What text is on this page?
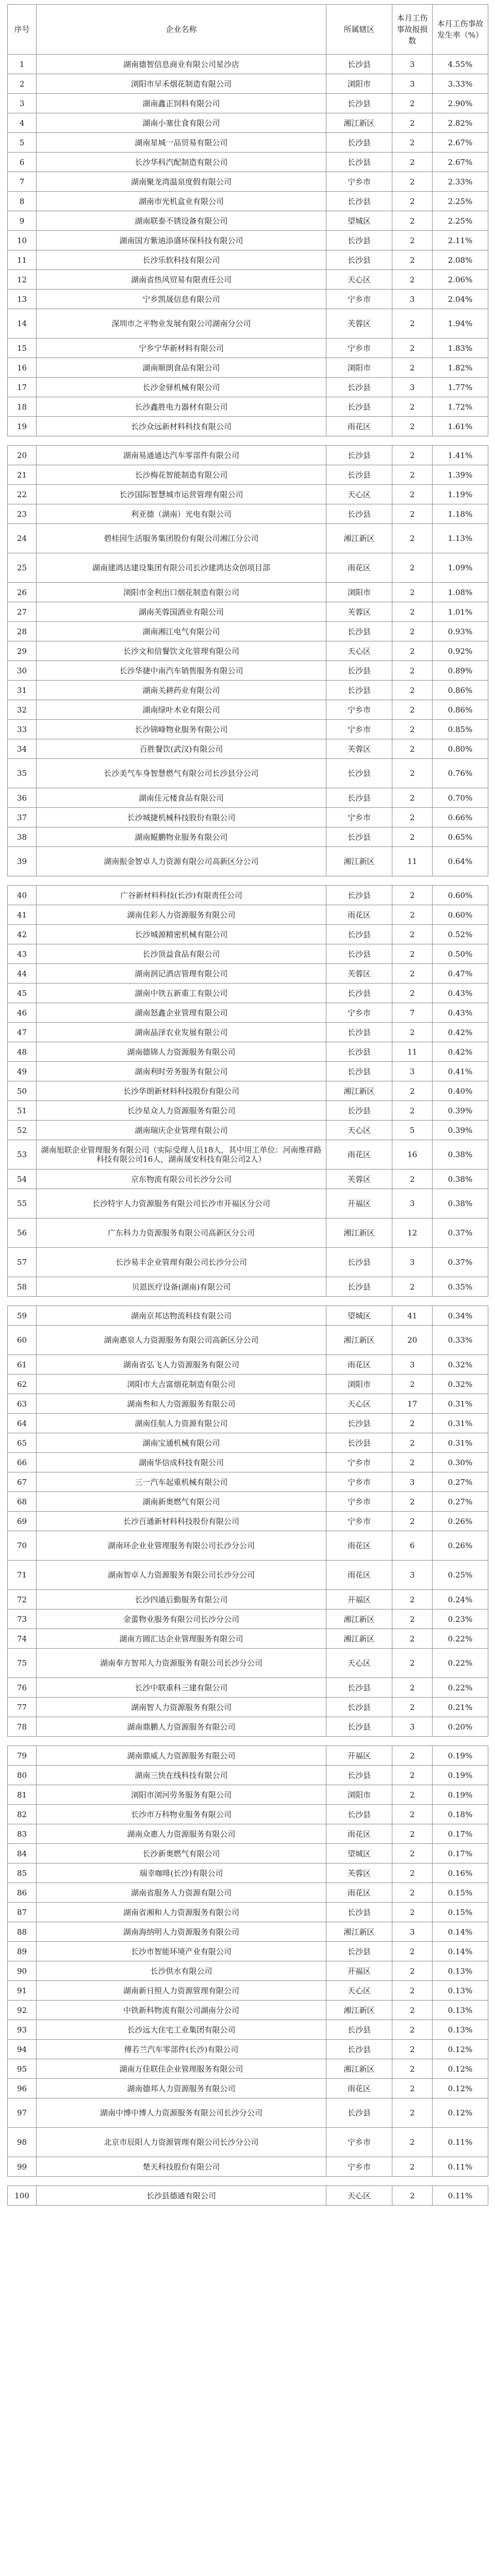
序号	企业名称	所属辖区	本月工伤事故报损数	本月工伤事故发生率（%）
1	湖南德智信息商业有限公司星沙店	长沙县	3	4.55%
2	浏阳市早禾烟花制造有限公司	浏阳市	3	3.33%
3	湖南鑫正饲料有限公司	长沙县	2	2.90%
4	湖南小塞仕食有限公司	湘江新区	2	2.82%
5	湖南星城一品贸易有限公司	长沙县	2	2.67%
6	长沙华科汽配制造有限公司	长沙县	2	2.67%
7	湖南聚龙湾温泉度假有限公司	宁乡市	2	2.33%
8	湖南市光机盒业有限公司	长沙县	2	2.25%
9	湖南联泰不锈设备有限公司	望城区	2	2.25%
10	湖南国方紫迪添盛环保科技有限公司	长沙县	2	2.11%
11	长沙乐软科技有限公司	长沙县	2	2.08%
12	湖南省热风贸易有限责任公司	天心区	2	2.06%
13	宁乡凯晟信息有限公司	宁乡市	3	2.04%
14	深圳市之平物业发展有限公司湖南分公司	芙蓉区	2	1.94%
15	宁乡宁华新材料有限公司	宁乡市	2	1.83%
16	湖南顺朗食品有限公司	浏阳市	2	1.82%
17	长沙金驿机械有限公司	长沙县	3	1.77%
18	长沙鑫胜电力器材有限公司	长沙县	2	1.72%
19	长沙众远新材料科技有限公司	雨花区	2	1.61%

20	湖南易通通达汽车零部件有限公司	长沙县	2	1.41%
21	长沙梅花智能制造有限公司	长沙县	2	1.39%
22	长沙国际智慧城市运营管理有限公司	天心区	2	1.19%
23	利亚德（湖南）光电有限公司	长沙县	2	1.18%
24	碧桂园生活服务集团股份有限公司湘江分公司	湘江新区	2	1.13%
25	湖南建鸿达建设集团有限公司长沙建鸿达众创项目部	雨花区	2	1.09%
26	浏阳市金利出口烟花制造有限公司	浏阳市	2	1.08%
27	湖南芙蓉国酒业有限公司	芙蓉区	2	1.01%
28	湖南湘江电气有限公司	长沙县	2	0.93%
29	长沙文和信餐饮文化管理有限公司	天心区	2	0.92%
30	长沙华捷中南汽车销售服务有限公司	长沙县	2	0.89%
31	湖南关耕药业有限公司	长沙县	2	0.86%
32	湖南绿叶木业有限公司	宁乡市	2	0.86%
33	长沙锦峰物业服务有限公司	宁乡市	2	0.85%
34	百胜餐饮(武汉)有限公司	芙蓉区	2	0.80%
35	长沙美气车身智慧燃气有限公司长沙县分公司	长沙县	2	0.76%
36	湖南佳元楼食品有限公司	长沙县	2	0.70%
37	长沙城捷机械科技股份有限公司	宁乡市	2	0.66%
38	湖南鲲鹏物业服务有限公司	长沙县	2	0.65%
39	湖南振金智卓人力资源有限公司高新区分公司	湘江新区	11	0.64%

40	广谷新材料科技(长沙)有限责任公司	长沙县	2	0.60%
41	湖南佳彩人力资源服务有限公司	雨花区	2	0.60%
42	长沙城源精密机械有限公司	长沙县	2	0.52%
43	长沙顶益食品有限公司	长沙县	2	0.50%
44	湖南润记酒店管理有限公司	芙蓉区	2	0.47%
45	湖南中铁五新重工有限公司	长沙县	2	0.43%
46	湖南怒鑫企业管理有限公司	宁乡市	7	0.43%
47	湖南晶泽农业发展有限公司	长沙县	2	0.42%
48	湖南德锦人力资源服务有限公司	长沙县	11	0.42%
49	湖南利时劳务服务有限公司	长沙县	3	0.41%
50	长沙华朗新材料科技股份有限公司	湘江新区	2	0.40%
51	长沙星众人力资源服务有限公司	长沙县	2	0.39%
52	湖南瑞庆企业管理有限公司	天心区	5	0.39%
53	湖南旭联企业管理服务有限公司（实际受理人员18人，其中用工单位：河南维祥路科技有限公司16人，湖南晟安科技有限公司2人）	雨花区	16	0.38%
54	京东物流有限公司长沙分公司	芙蓉区	2	0.38%
55	长沙特宇人力资源服务有限公司长沙市开福区分公司	开福区	3	0.38%
56	广东科力力资源服务有限公司高新区分公司	湘江新区	12	0.37%
57	长沙易丰企业管理有限公司长沙分公司	长沙县	3	0.37%
58	贝恩医疗设备(湖南)有限公司	长沙县	2	0.35%

59	湖南京邦达物流科技有限公司	望城区	41	0.34%
60	湖南惠泉人力资源服务有限公司高新区分公司	湘江新区	20	0.33%
61	湖南省弘飞人力资源服务有限公司	雨花区	3	0.32%
62	浏阳市大吉富烟花制造有限公司	浏阳市	2	0.32%
63	湖南叁和人力资源服务有限公司	天心区	17	0.31%
64	湖南佳航人力资源有限公司	长沙县	2	0.31%
65	湖南宝通机械有限公司	长沙县	2	0.31%
66	湖南华信成科技有限公司	宁乡市	2	0.30%
67	三一汽车起重机械有限公司	宁乡市	3	0.27%
68	湖南新奥燃气有限公司	宁乡市	2	0.27%
69	长沙百通新材料科技股份有限公司	宁乡市	2	0.26%
70	湖南环企业业管理服务有限公司长沙分公司	雨花区	6	0.26%
71	湖南智卓人力资源服务有限公司长沙分公司	雨花区	3	0.25%
72	长沙四通后勤服务有限公司	开福区	2	0.24%
73	金蕾物业服务有限公司长沙分公司	湘江新区	2	0.23%
74	湖南方圆汇达企业管理服务有限公司	湘江新区	2	0.22%
75	湖南奉方智邦人力资源服务有限公司长沙分公司	天心区	2	0.22%
76	长沙中联重科三建有限公司	长沙县	2	0.22%
77	湖南智人力资源服务有限公司	长沙县	2	0.21%
78	湖南鼎鹏人力资源服务有限公司	长沙县	3	0.20%

79	湖南鼎威人力资源服务有限公司	开福区	2	0.19%
80	湖南三快在线科技有限公司	长沙县	2	0.19%
81	浏阳市浏河劳务服务有限公司	浏阳市	2	0.19%
82	长沙市万科物业服务有限公司	长沙县	2	0.18%
83	湖南众惠人力资源服务有限公司	雨花区	2	0.17%
84	长沙新奥燃气有限公司	望城区	2	0.17%
85	瑞幸咖啡(长沙)有限公司	芙蓉区	2	0.16%
86	湖南省服务人力资源有限公司	雨花区	2	0.15%
87	湖南省湘和人力资源服务有限公司	长沙县	2	0.15%
88	湖南海纳明人力资源服务有限公司	湘江新区	3	0.14%
89	长沙市智能环境产业有限公司	长沙县	2	0.14%
90	长沙供水有限公司	开福区	2	0.13%
91	湖南新日照人力资源管理有限公司	天心区	2	0.13%
92	中铁新科物流有限公司湖南分公司	湘江新区	2	0.13%
93	长沙远大住宅工业集团有限公司	长沙县	2	0.13%
94	傅若兰汽车零部件(长沙)有限公司	长沙县	2	0.12%
95	湖南万佳联佳企业管理服务有限公司	湘江新区	2	0.12%
96	湖南德邦人力资源服务有限公司	雨花区	2	0.12%
97	湖南中博中博人力资源服务有限公司长沙分公司	长沙县	2	0.12%
98	北京市辰阳人力资源管理有限公司长沙分公司	宁乡市	2	0.11%
99	楚天科技股份有限公司	宁乡市	2	0.11%

100	长沙县德通有限公司	天心区	2	0.11%
